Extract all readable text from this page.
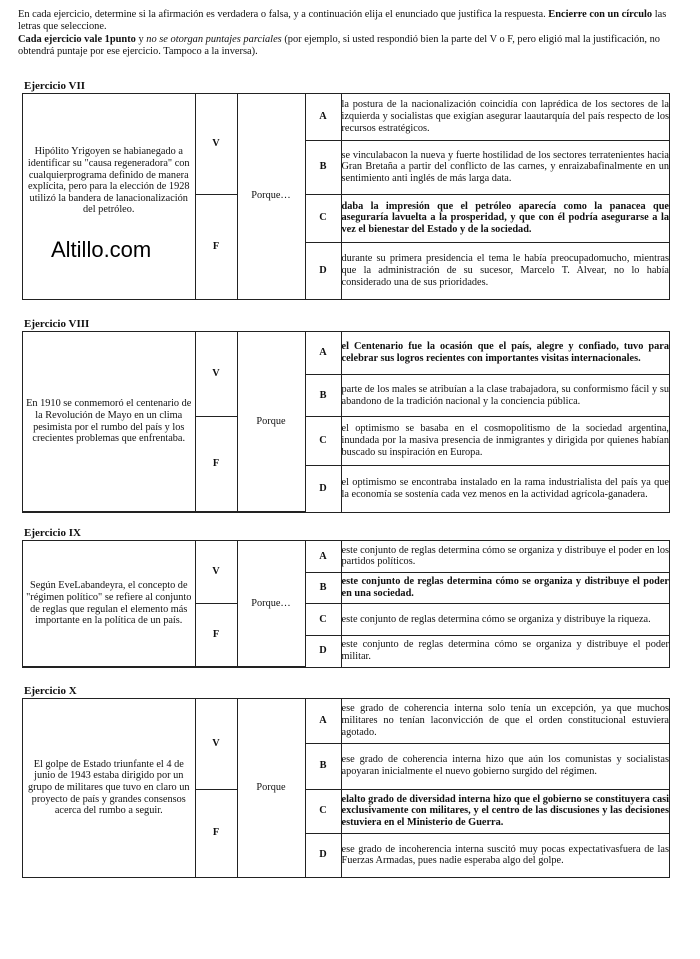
En cada ejercicio, determine si la afirmación es verdadera o falsa, y a continuación elija el enunciado que justifica la respuesta. Encierre con un círculo las letras que seleccione.
Cada ejercicio vale 1punto y no se otorgan puntajes parciales (por ejemplo, si usted respondió bien la parte del V o F, pero eligió mal la justificación, no obtendrá puntaje por ese ejercicio. Tampoco a la inversa).
Ejercicio VII
Hipólito Yrigoyen se habianegado a identificar su "causa regeneradora" con cualquierprograma definido de manera explícita, pero para la elección de 1928 utilizó la bandera de lanacionalización del petróleo.
Altillo.com	V	Porque…	A	la postura de la nacionalización coincidía con laprédica de los sectores de la izquierda y socialistas que exigían asegurar laautarquía del país respecto de los recursos estratégicos.
			B	se vinculabacon la nueva y fuerte hostilidad de los sectores terratenientes hacia Gran Bretaña a partir del conflicto de las carnes, y enraizabafinalmente en un sentimiento anti inglés de más larga data.
	F		C	daba la impresión que el petróleo aparecía como la panacea que aseguraría lavuelta a la prosperidad, y que con él podría asegurarse a la vez el bienestar del Estado y de la sociedad.
			D	durante su primera presidencia el tema le había preocupadomucho, mientras que la administración de su sucesor, Marcelo T. Alvear, no lo había considerado una de sus prioridades.
Ejercicio VIII
En 1910 se conmemoró el centenario de la Revolución de Mayo en un clima pesimista por el rumbo del país y los crecientes problemas que enfrentaba.	V	Porque	A	el Centenario fue la ocasión que el país, alegre y confiado, tuvo para celebrar sus logros recientes con importantes visitas internacionales.
			B	parte de los males se atribuían a la clase trabajadora, su conformismo fácil y su abandono de la tradición nacional y la conciencia pública.
	F		C	el optimismo se basaba en el cosmopolitismo de la sociedad argentina, inundada por la masiva presencia de inmigrantes y dirigida por quienes habían buscado su inspiración en Europa.
			D	el optimismo se encontraba instalado en la rama industrialista del país ya que la economía se sostenía cada vez menos en la actividad agrícola-ganadera.
Ejercicio IX
Según EveLabandeyra, el concepto de "régimen político" se refiere al conjunto de reglas que regulan el elemento más importante en la política de un país.	V	Porque…	A	este conjunto de reglas determina cómo se organiza y distribuye el poder en los partidos políticos.
			B	este conjunto de reglas determina cómo se organiza y distribuye el poder en una sociedad.
	F		C	este conjunto de reglas determina cómo se organiza y distribuye la riqueza.
			D	este conjunto de reglas determina cómo se organiza y distribuye el poder militar.
Ejercicio X
El golpe de Estado triunfante el 4 de junio de 1943 estaba dirigido por un grupo de militares que tuvo en claro un proyecto de país y grandes consensos acerca del rumbo a seguir.	V	Porque	A	ese grado de coherencia interna solo tenía un excepción, ya que muchos militares no tenían laconvicción de que el orden constitucional estuviera agotado.
			B	ese grado de coherencia interna hizo que aún los comunistas y socialistas apoyaran inicialmente el nuevo gobierno surgido del régimen.
	F		C	elalto grado de diversidad interna hizo que el gobierno se constituyera casi exclusivamente con militares, y el centro de las discusiones y las decisiones estuviera en el Ministerio de Guerra.
			D	ese grado de incoherencia interna suscitó muy pocas expectativasfuera de las Fuerzas Armadas, pues nadie esperaba algo del golpe.
